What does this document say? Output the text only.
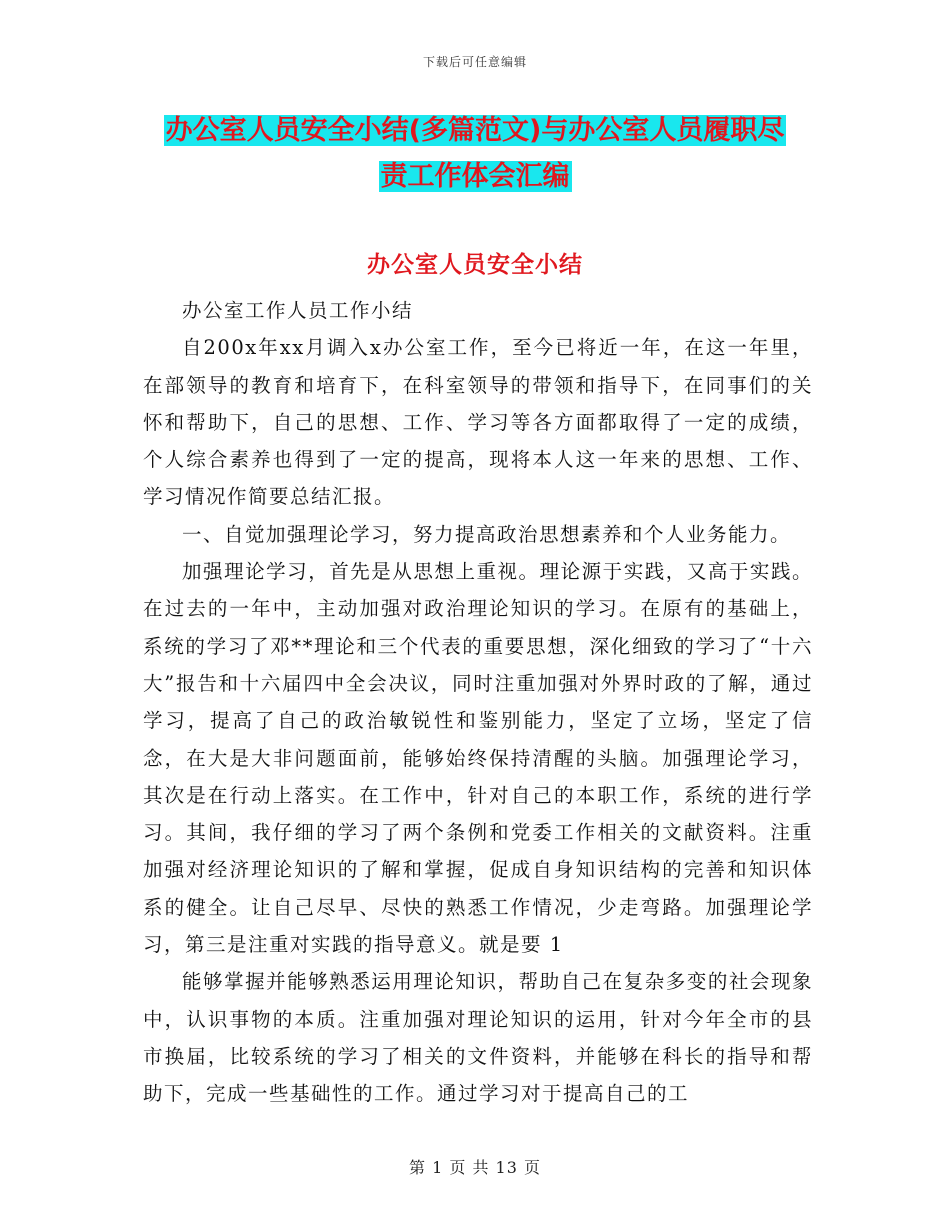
下载后可任意编辑
办公室人员安全小结(多篇范文)与办公室人员履职尽
责工作体会汇编
办公室人员安全小结

办公室工作人员工作小结

自200x年xx月调入x办公室工作，至今已将近一年，在这一年里，在部领导的教育和培育下，在科室领导的带领和指导下，在同事们的关怀和帮助下，自己的思想、工作、学习等各方面都取得了一定的成绩，个人综合素养也得到了一定的提高，现将本人这一年来的思想、工作、学习情况作简要总结汇报。

一、自觉加强理论学习，努力提高政治思想素养和个人业务能力。

加强理论学习，首先是从思想上重视。理论源于实践，又高于实践。在过去的一年中，主动加强对政治理论知识的学习。在原有的基础上，系统的学习了邓**理论和三个代表的重要思想，深化细致的学习了“十六大”报告和十六届四中全会决议，同时注重加强对外界时政的了解，通过学习，提高了自己的政治敏锐性和鉴别能力，坚定了立场，坚定了信念，在大是大非问题面前，能够始终保持清醒的头脑。加强理论学习，其次是在行动上落实。在工作中，针对自己的本职工作，系统的进行学习。其间，我仔细的学习了两个条例和党委工作相关的文献资料。注重加强对经济理论知识的了解和掌握，促成自身知识结构的完善和知识体系的健全。让自己尽早、尽快的熟悉工作情况，少走弯路。加强理论学习，第三是注重对实践的指导意义。就是要 1

能够掌握并能够熟悉运用理论知识，帮助自己在复杂多变的社会现象中，认识事物的本质。注重加强对理论知识的运用，针对今年全市的县市换届，比较系统的学习了相关的文件资料，并能够在科长的指导和帮助下，完成一些基础性的工作。通过学习对于提高自己的工

第 1 页 共 13 页
